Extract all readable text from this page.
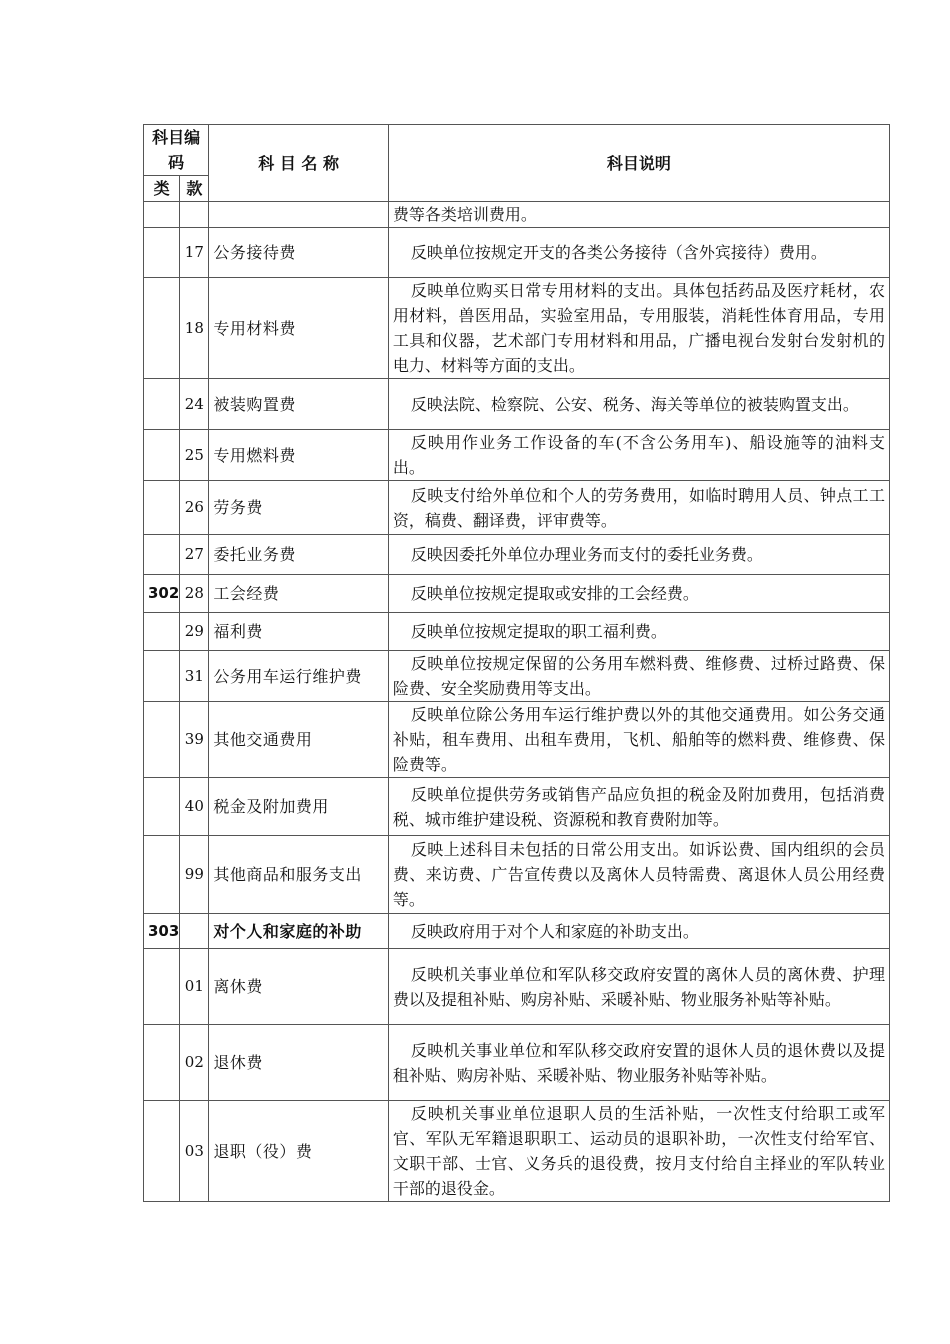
科目编
码		科 目 名 称	科目说明
类	款		
			费等各类培训费用。
	17	公务接待费	反映单位按规定开支的各类公务接待（含外宾接待）费用。
	18	专用材料费	反映单位购买日常专用材料的支出。具体包括药品及医疗耗材，农用材料，兽医用品，实验室用品，专用服装，消耗性体育用品，专用工具和仪器，艺术部门专用材料和用品，广播电视台发射台发射机的电力、材料等方面的支出。
	24	被装购置费	反映法院、检察院、公安、税务、海关等单位的被装购置支出。
	25	专用燃料费	反映用作业务工作设备的车(不含公务用车)、船设施等的油料支出。
	26	劳务费	反映支付给外单位和个人的劳务费用，如临时聘用人员、钟点工工资，稿费、翻译费，评审费等。
	27	委托业务费	反映因委托外单位办理业务而支付的委托业务费。
302	28	工会经费	反映单位按规定提取或安排的工会经费。
	29	福利费	反映单位按规定提取的职工福利费。
	31	公务用车运行维护费	反映单位按规定保留的公务用车燃料费、维修费、过桥过路费、保险费、安全奖励费用等支出。
	39	其他交通费用	反映单位除公务用车运行维护费以外的其他交通费用。如公务交通补贴，租车费用、出租车费用，飞机、船舶等的燃料费、维修费、保险费等。
	40	税金及附加费用	反映单位提供劳务或销售产品应负担的税金及附加费用，包括消费税、城市维护建设税、资源税和教育费附加等。
	99	其他商品和服务支出	反映上述科目未包括的日常公用支出。如诉讼费、国内组织的会员费、来访费、广告宣传费以及离休人员特需费、离退休人员公用经费等。
303		对个人和家庭的补助	反映政府用于对个人和家庭的补助支出。
	01	离休费	反映机关事业单位和军队移交政府安置的离休人员的离休费、护理费以及提租补贴、购房补贴、采暖补贴、物业服务补贴等补贴。
	02	退休费	反映机关事业单位和军队移交政府安置的退休人员的退休费以及提租补贴、购房补贴、采暖补贴、物业服务补贴等补贴。
	03	退职（役）费	反映机关事业单位退职人员的生活补贴，一次性支付给职工或军官、军队无军籍退职职工、运动员的退职补助，一次性支付给军官、文职干部、士官、义务兵的退役费，按月支付给自主择业的军队转业干部的退役金。
